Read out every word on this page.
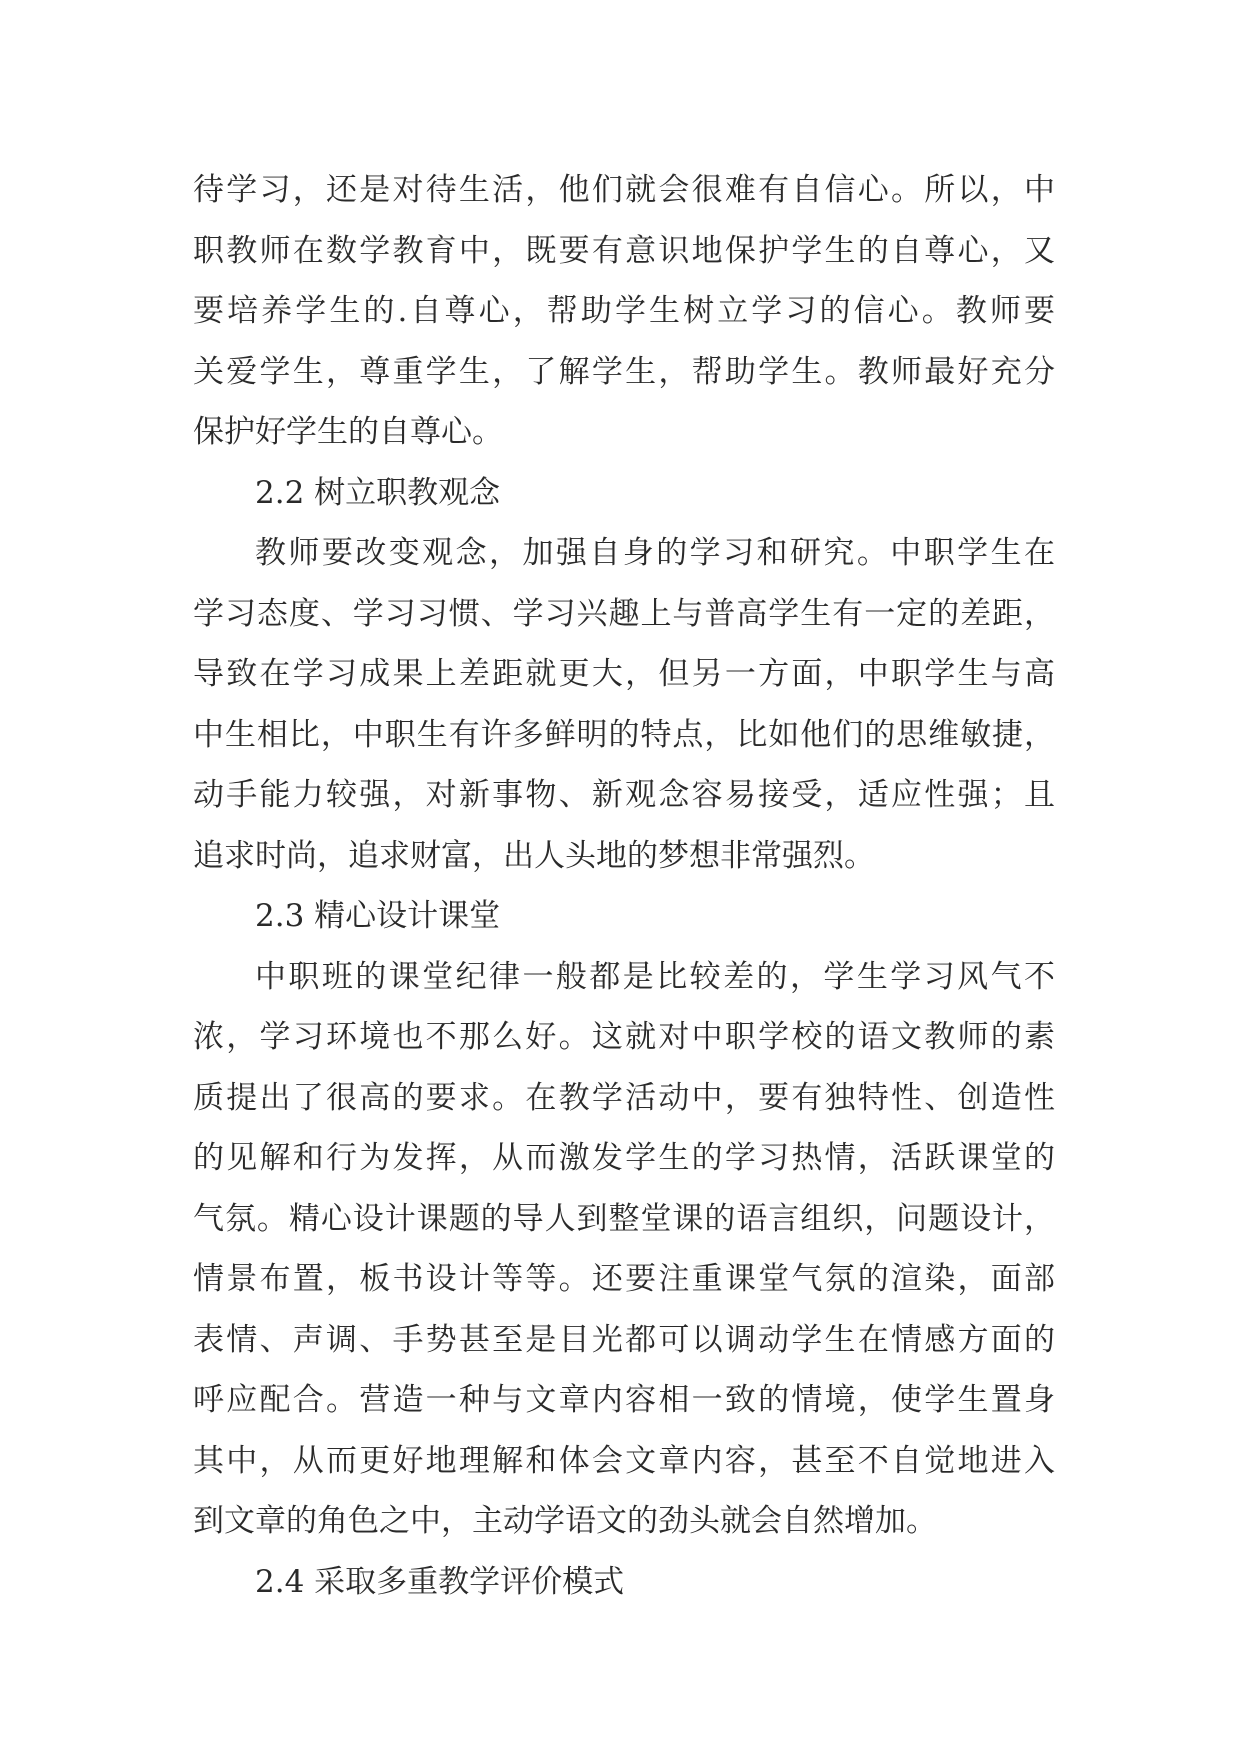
待学习，还是对待生活，他们就会很难有自信心。所以，中
职教师在数学教育中，既要有意识地保护学生的自尊心，又
要培养学生的.自尊心，帮助学生树立学习的信心。教师要
关爱学生，尊重学生，了解学生，帮助学生。教师最好充分
保护好学生的自尊心。
2.2 树立职教观念
教师要改变观念，加强自身的学习和研究。中职学生在
学习态度、学习习惯、学习兴趣上与普高学生有一定的差距，
导致在学习成果上差距就更大，但另一方面，中职学生与高
中生相比，中职生有许多鲜明的特点，比如他们的思维敏捷，
动手能力较强，对新事物、新观念容易接受，适应性强；且
追求时尚，追求财富，出人头地的梦想非常强烈。
2.3 精心设计课堂
中职班的课堂纪律一般都是比较差的，学生学习风气不
浓，学习环境也不那么好。这就对中职学校的语文教师的素
质提出了很高的要求。在教学活动中，要有独特性、创造性
的见解和行为发挥，从而激发学生的学习热情，活跃课堂的
气氛。精心设计课题的导人到整堂课的语言组织，问题设计，
情景布置，板书设计等等。还要注重课堂气氛的渲染，面部
表情、声调、手势甚至是目光都可以调动学生在情感方面的
呼应配合。营造一种与文章内容相一致的情境，使学生置身
其中，从而更好地理解和体会文章内容，甚至不自觉地进入
到文章的角色之中，主动学语文的劲头就会自然增加。
2.4 采取多重教学评价模式
